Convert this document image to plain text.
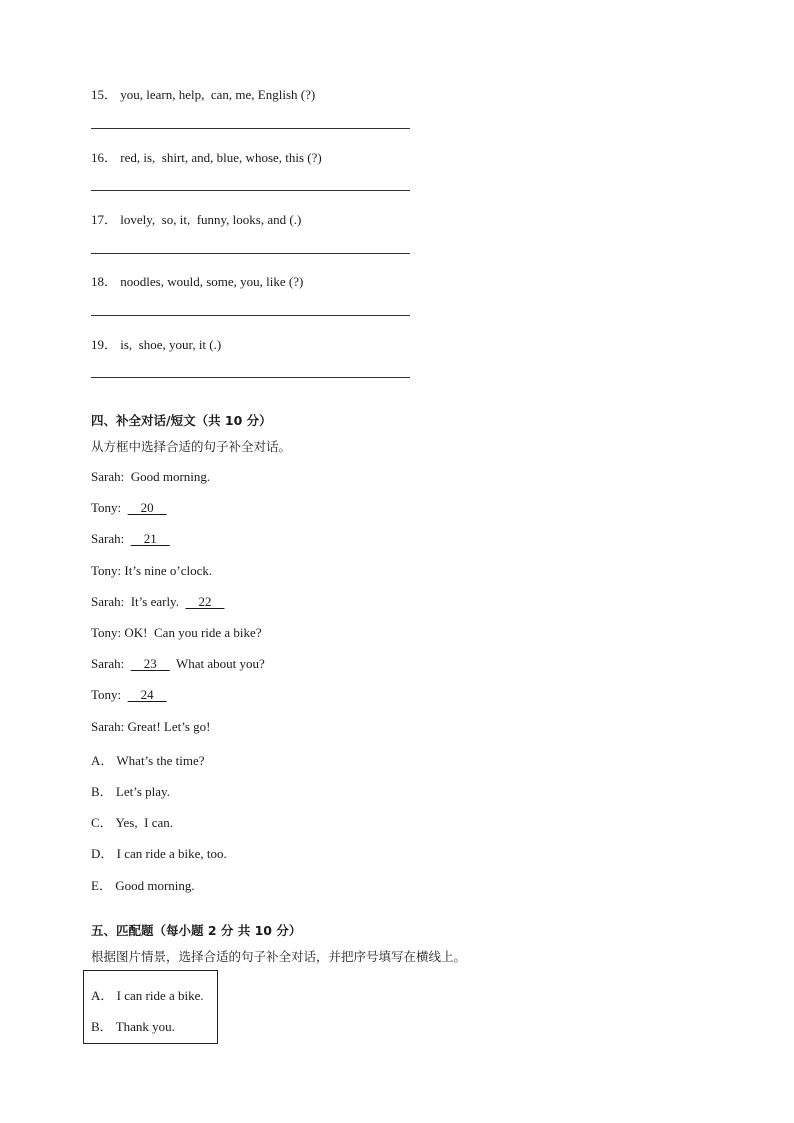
15． you, learn, help,  can, me, English (?)
16． red, is,  shirt, and, blue, whose, this (?)
17． lovely,  so, it,  funny, looks, and (.)
18． noodles, would, some, you, like (?)
19． is,  shoe, your, it (.)
四、补全对话/短文（共 10 分）
从方框中选择合适的句子补全对话。
Sarah: Good morning.
Tony: 20
Sarah: 21
Tony: It’s nine o’clock.
Sarah: It’s early. 22
Tony: OK!  Can you ride a bike?
Sarah: 23 What about you?
Tony: 24
Sarah: Great! Let’s go!
A． What’s the time?
B． Let’s play.
C． Yes,  I can.
D． I can ride a bike, too.
E． Good morning.
五、匹配题（每小题 2 分 共 10 分）
根据图片情景，选择合适的句子补全对话，并把序号填写在横线上。
A． I can ride a bike.
B． Thank you.
